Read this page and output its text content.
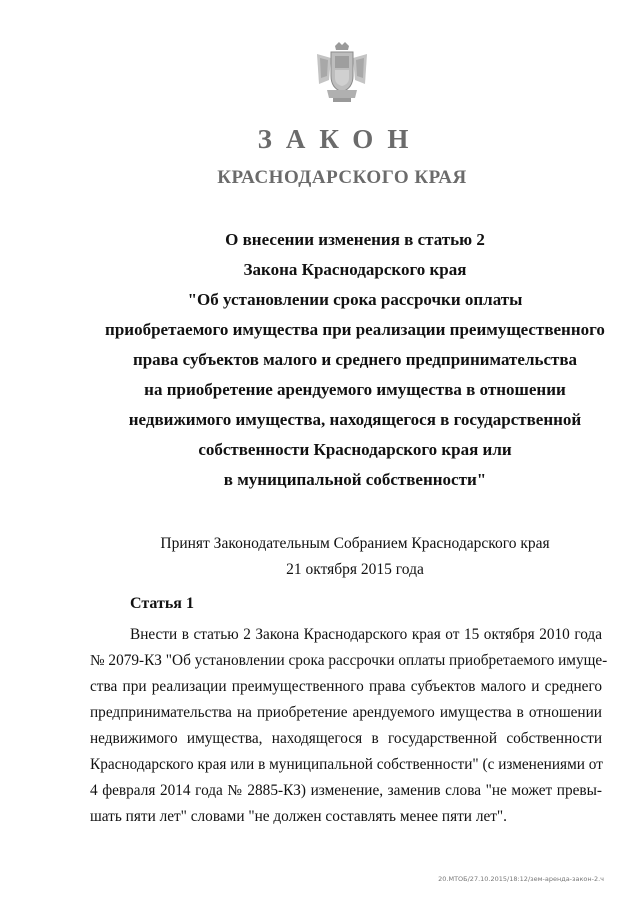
ЗАКОН
КРАСНОДАРСКОГО КРАЯ
О внесении изменения в статью 2
Закона Краснодарского края
"Об установлении срока рассрочки оплаты
приобретаемого имущества при реализации преимущественного
права субъектов малого и среднего предпринимательства
на приобретение арендуемого имущества в отношении
недвижимого имущества, находящегося в государственной
собственности Краснодарского края или
в муниципальной собственности"
Принят Законодательным Собранием Краснодарского края
21 октября 2015 года
Статья 1
Внести в статью 2 Закона Краснодарского края от 15 октября 2010 года
№ 2079-КЗ "Об установлении срока рассрочки оплаты приобретаемого имуще-
ства при реализации преимущественного права субъектов малого и среднего
предпринимательства на приобретение арендуемого имущества в отношении
недвижимого имущества, находящегося в государственной собственности
Краснодарского края или в муниципальной собственности" (с изменениями от
4 февраля 2014 года № 2885-КЗ) изменение, заменив слова "не может превы-
шать пяти лет" словами "не должен составлять менее пяти лет".
20.МТОБ/27.10.2015/18:12/зем-аренда-закон-2.ч
